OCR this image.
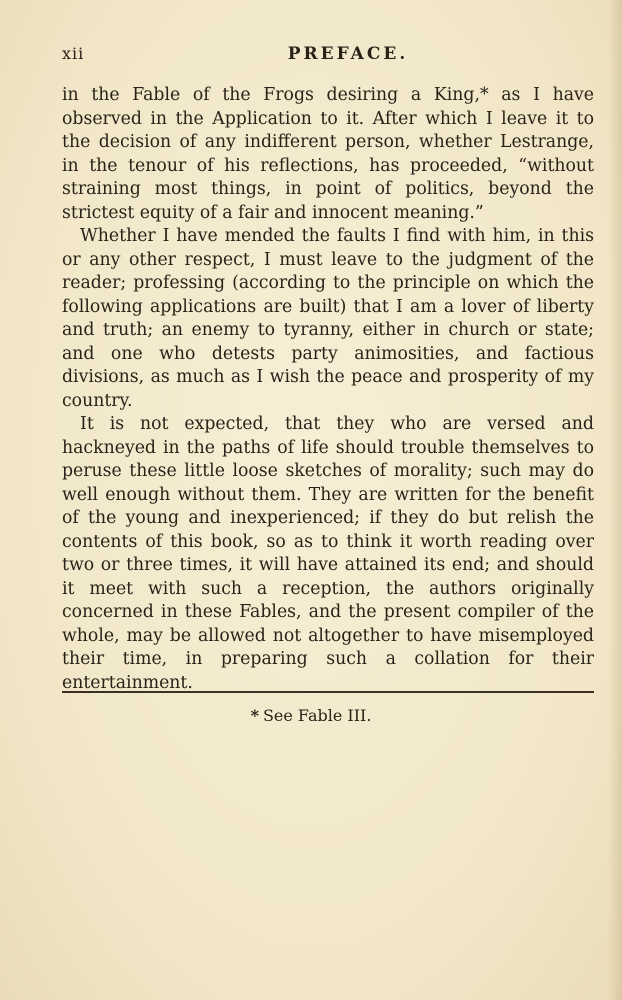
xii	PREFACE.

in the Fable of the Frogs desiring a King,* as I have observed in the Application to it. After which I leave it to the decision of any indifferent person, whether Lestrange, in the tenour of his reflections, has proceeded, “without straining most things, in point of politics, beyond the strictest equity of a fair and innocent meaning.”

Whether I have mended the faults I find with him, in this or any other respect, I must leave to the judgment of the reader; professing (according to the principle on which the following applications are built) that I am a lover of liberty and truth; an enemy to tyranny, either in church or state; and one who detests party animosities, and factious divisions, as much as I wish the peace and prosperity of my country.

It is not expected, that they who are versed and hackneyed in the paths of life should trouble themselves to peruse these little loose sketches of morality; such may do well enough without them. They are written for the benefit of the young and inexperienced; if they do but relish the contents of this book, so as to think it worth reading over two or three times, it will have attained its end; and should it meet with such a reception, the authors originally concerned in these Fables, and the present compiler of the whole, may be allowed not altogether to have misemployed their time, in preparing such a collation for their entertainment.

* See Fable III.
